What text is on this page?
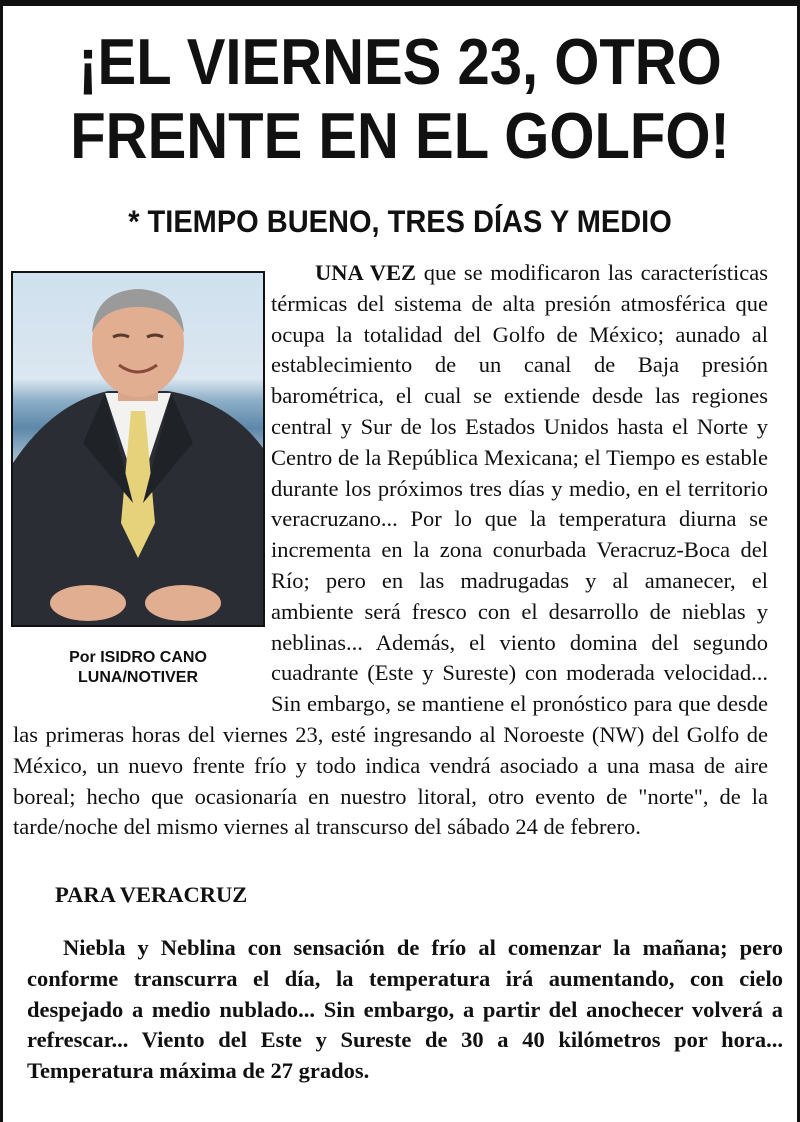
¡EL VIERNES 23, OTRO FRENTE EN EL GOLFO!
* TIEMPO BUENO, TRES DÍAS Y MEDIO

UNA VEZ que se modificaron las características térmicas del sistema de alta presión atmosférica que ocupa la totalidad del Golfo de México; aunado al establecimiento de un canal de Baja presión barométrica, el cual se extiende desde las regiones central y Sur de los Estados Unidos hasta el Norte y Centro de la República Mexicana; el Tiempo es estable durante los próximos tres días y medio, en el territorio veracruzano... Por lo que la temperatura diurna se incrementa en la zona conurbada Veracruz-Boca del Río; pero en las madrugadas y al amanecer, el ambiente será fresco con el desarrollo de nieblas y neblinas... Además, el viento domina del segundo cuadrante (Este y Sureste) con moderada velocidad... Sin embargo, se mantiene el pronóstico para que desde las primeras horas del viernes 23, esté ingresando al Noroeste (NW) del Golfo de México, un nuevo frente frío y todo indica vendrá asociado a una masa de aire boreal; hecho que ocasionaría en nuestro litoral, otro evento de "norte", de la tarde/noche del mismo viernes al transcurso del sábado 24 de febrero.

Por ISIDRO CANO
LUNA/NOTIVER
PARA VERACRUZ

Niebla y Neblina con sensación de frío al comenzar la mañana; pero conforme transcurra el día, la temperatura irá aumentando, con cielo despejado a medio nublado... Sin embargo, a partir del anochecer volverá a refrescar... Viento del Este y Sureste de 30 a 40 kilómetros por hora... Temperatura máxima de 27 grados.
